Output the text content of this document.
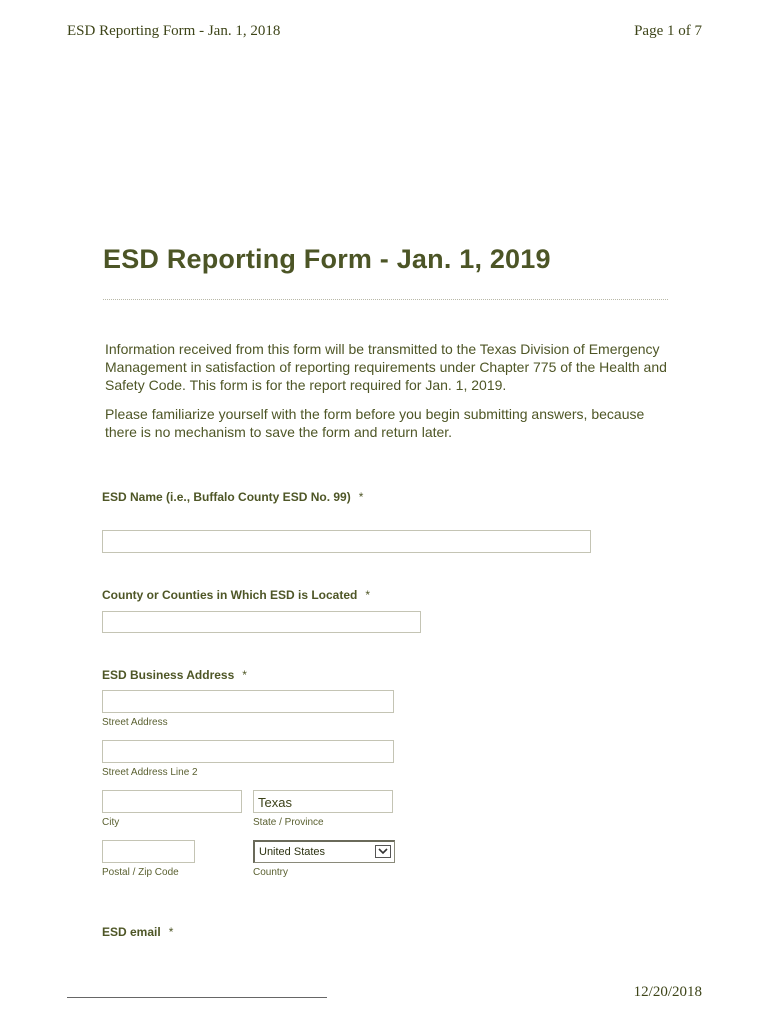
ESD Reporting Form - Jan. 1, 2018	Page 1 of 7
ESD Reporting Form - Jan. 1, 2019

Information received from this form will be transmitted to the Texas Division of Emergency Management in satisfaction of reporting requirements under Chapter 775 of the Health and Safety Code. This form is for the report required for Jan. 1, 2019.

Please familiarize yourself with the form before you begin submitting answers, because there is no mechanism to save the form and return later.

ESD Name (i.e., Buffalo County ESD No. 99) *
County or Counties in Which ESD is Located *
ESD Business Address *
Street Address
Street Address Line 2
City
Texas
State / Province
Postal / Zip Code
United States
Country
ESD email *
12/20/2018
